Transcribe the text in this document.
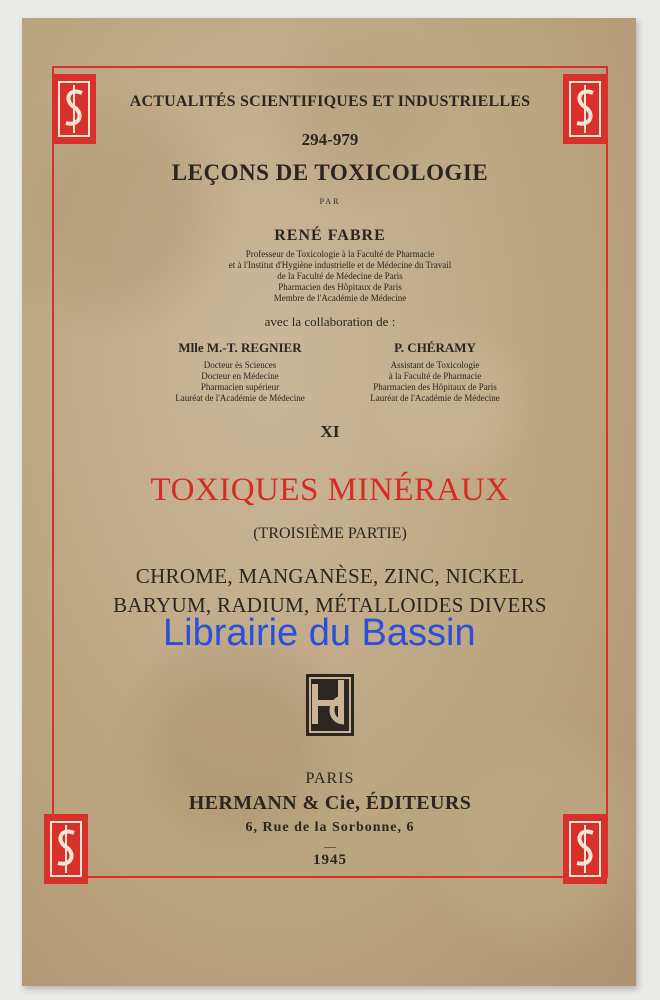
ACTUALITÉS SCIENTIFIQUES ET INDUSTRIELLES

294-979

LEÇONS DE TOXICOLOGIE

PAR

RENÉ FABRE

Professeur de Toxicologie à la Faculté de Pharmacie
et à l'Institut d'Hygiène industrielle et de Médecine du Travail
de la Faculté de Médecine de Paris
Pharmacien des Hôpitaux de Paris
Membre de l'Académie de Médecine

avec la collaboration de :

Mlle M.-T. REGNIER	P. CHÉRAMY
Docteur ès Sciences
Docteur en Médecine
Pharmacien supérieur
Lauréat de l'Académie de Médecine
Assistant de Toxicologie
à la Faculté de Pharmacie
Pharmacien des Hôpitaux de Paris
Lauréat de l'Académie de Médecine

XI

TOXIQUES MINÉRAUX

(TROISIÈME PARTIE)

CHROME, MANGANÈSE, ZINC, NICKEL
BARYUM, RADIUM, MÉTALLOIDES DIVERS

Librairie du Bassin

PARIS

HERMANN & Cie, ÉDITEURS

6, Rue de la Sorbonne, 6

—

1945
